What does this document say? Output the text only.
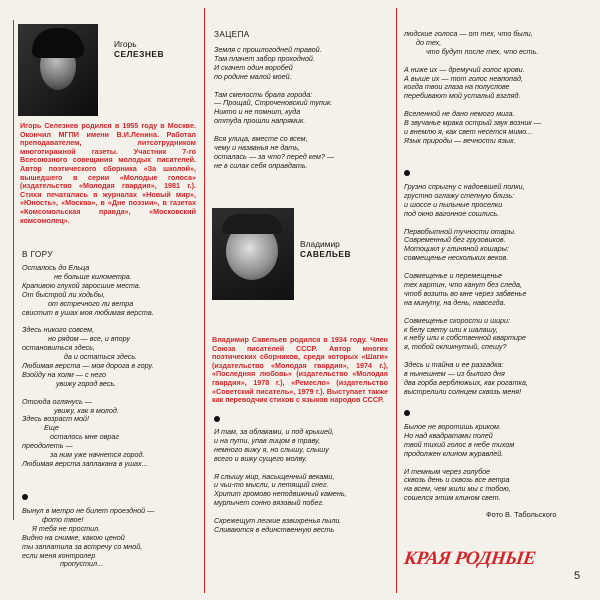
Игорь
СЕЛЕЗНЕВ
Игорь Селезнев родился в 1955 году в Москве. Окончил МГПИ имени В.И.Ленина. Работал преподавателем, литсотрудником многотиражной газеты. Участник 7-го Всесоюзного совещания молодых писателей. Автор поэтического сборника «За школой», вышедшего в серии «Молодые голоса» (издательство «Молодая гвардия», 1981 г.). Стихи печатались в журналах «Новый мир», «Юность», «Москва», в «Дне поэзии», в газетах «Комсомольская правда», «Московский комсомолец».
В ГОРУ
Осталось до Ельца
не больше километра.
Крапивою глухой заросшие места.
От быстрой ли ходьбы,
от встречного ли ветра
свистит в ушах моя любимая верста.

Здесь никого совсем,
но рядом — все, и впору
остановиться здесь,
да и остаться здесь.
Любимая верста — моя дорога в гору.
Взойду на холм — с него
увижу город весь.

Отсюда оглянусь —
увижу, как я молод.
Здесь возраст мой!
Еще
осталось мне овраг
преодолеть —
за ним уже начнется город.
Любимая верста заплакана в ушах...
Вынул в метро не билет проездной —
фото твое!
Я тебя не простил.
Видно на снимке, какою ценой
ты заплатила за встречу со мной,
если меня контролер
пропустил...
ЗАЦЕПА
Земля с прошлогодней травой.
Там плачет забор проходной.
И скачет один воробей
по родине малой моей.

Там смелость брала города:
— Прощай, Строченовский тупик.
Никто и не помнит, куда
оттуда прошли напрямик.

Вся улица, вместе со всем,
чему и названья не дать,
осталась — за что? перед кем? —
не в силах себя оправдать.
Владимир
САВЕЛЬЕВ
Владимир Савельев родился в 1934 году. Член Союза писателей СССР. Автор многих поэтических сборников, среди которых «Шаги» (издательство «Молодая гвардия», 1974 г.), «Последняя любовь» (издательство «Молодая гвардия», 1978 г.), «Ремесло» (издательство «Советский писатель», 1979 г.). Выступает также как переводчик стихов с языков народов СССР.
И там, за облаками, и под крышей,
и на пути, упав лицом в траву,
немного вижу я, но слышу, слышу
всего и вижу сущего молву.

Я слышу мир, насыщенный веками,
и чьи-то мысли, и летящий снег.
Хрипит громово неподвижный камень,
мурлычет сонно вязовый побег.

Скрежещут легкие взвихренья пыли.
Сливаются в единственную весть
людские голоса — от тех, что были,
до тех,
что будут после тех, что есть.

А ниже их — дремучий голос крови.
А выше их — тот голос невпопад,
когда твои глаза на полуслове
перебивают мой усталый взгляд.

Вселенной не дано немого мига.
В звучанье мрака острый звук возник —
и внемлю я, как свет несется мимо...
Язык природы — вечности язык.
Грузно спрыгну с надоевшей полки,
грустно оглажу степную близь:
и шоссе и пыльные проселки
под окно вагонное сошлись.

Первобытной тучности отары.
Современный бег грузовиков.
Мотоцикл у глиняной кошары:
совмещенье нескольких веков.

Совмещенье и перемещенье
тех картин, что канут без следа,
чтоб возить во мне через забвенье
на минуту, на день, навсегда.

Совмещенье скорости и шири:
к белу свету или к шалашу,
к небу или к собственной квартире
я, тобой окликнутый, спешу?

Здесь и тайна и ее разгадка:
в нынешнем — из былого дня
два горба верблюжьих, как рогатка,
выстрелили солнцем сквозь меня!
Былое не воротишь криком.
Но над квадратами полей
твой тихий голос в небе тихом
продолжен клином журавлей.

И темным через голубое
сквозь день и сквозь все ветра
на всем, чем жили мы с тобою,
сошелся этим клином свет.
Фото В. Табольского
КРАЯ РОДНЫЕ
5
